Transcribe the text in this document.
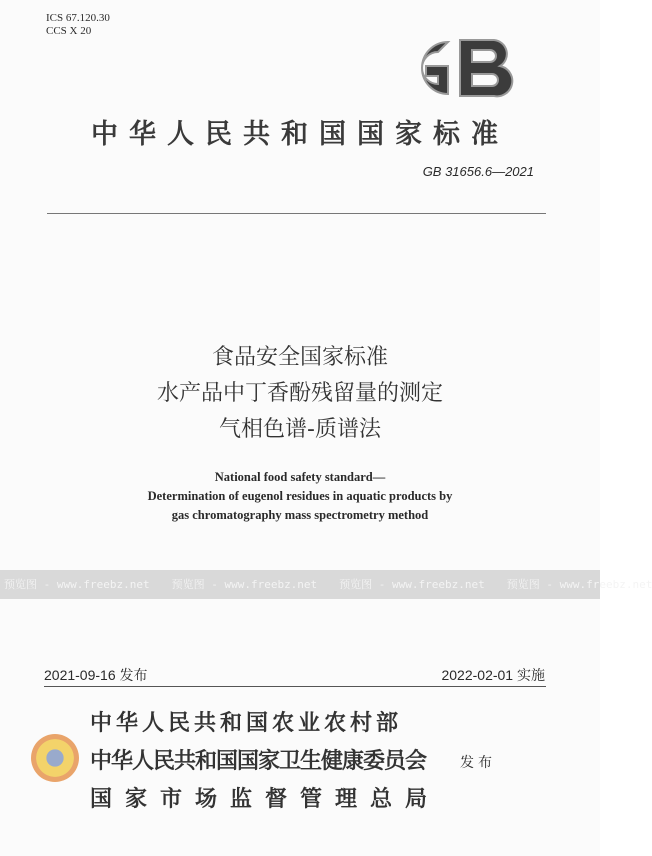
ICS 67.120.30
CCS X 20
中华人民共和国国家标准
GB 31656.6—2021
食品安全国家标准
水产品中丁香酚残留量的测定
气相色谱-质谱法
National food safety standard—
Determination of eugenol residues in aquatic products by
gas chromatography mass spectrometry method
预览图 - www.freebz.net 预览图 - www.freebz.net 预览图 - www.freebz.net 预览图 - www.freebz.net
2021-09-16 发布	2022-02-01 实施
中华人民共和国农业农村部
中华人民共和国国家卫生健康委员会
国家市场监督管理总局
发布
